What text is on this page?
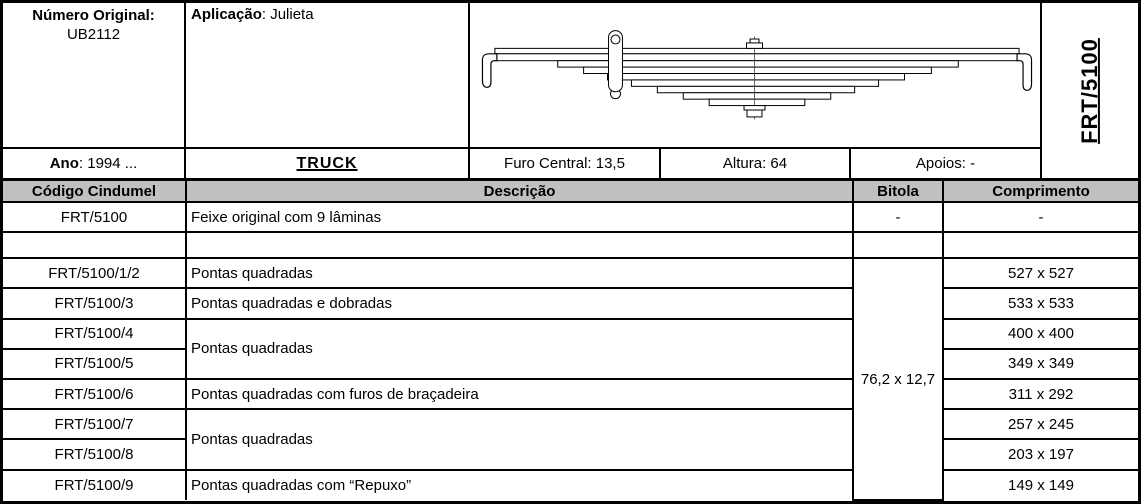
Número Original:
UB2112
Aplicação: Julieta
FRT/5100
Ano : 1994 ...	TRUCK	Furo Central: 13,5	Altura: 64	Apoios: -
Código Cindumel	Descrição	Bitola	Comprimento
FRT/5100	Feixe original com 9 lâminas	-	-

FRT/5100/1/2	Pontas quadradas	76,2 x 12,7	527 x 527
FRT/5100/3	Pontas quadradas e dobradas		533 x 533
FRT/5100/4	Pontas quadradas		400 x 400
FRT/5100/5			349 x 349
FRT/5100/6	Pontas quadradas com furos de braçadeira		311 x 292
FRT/5100/7	Pontas quadradas		257 x 245
FRT/5100/8			203 x 197
FRT/5100/9	Pontas quadradas com “Repuxo”		149 x 149
